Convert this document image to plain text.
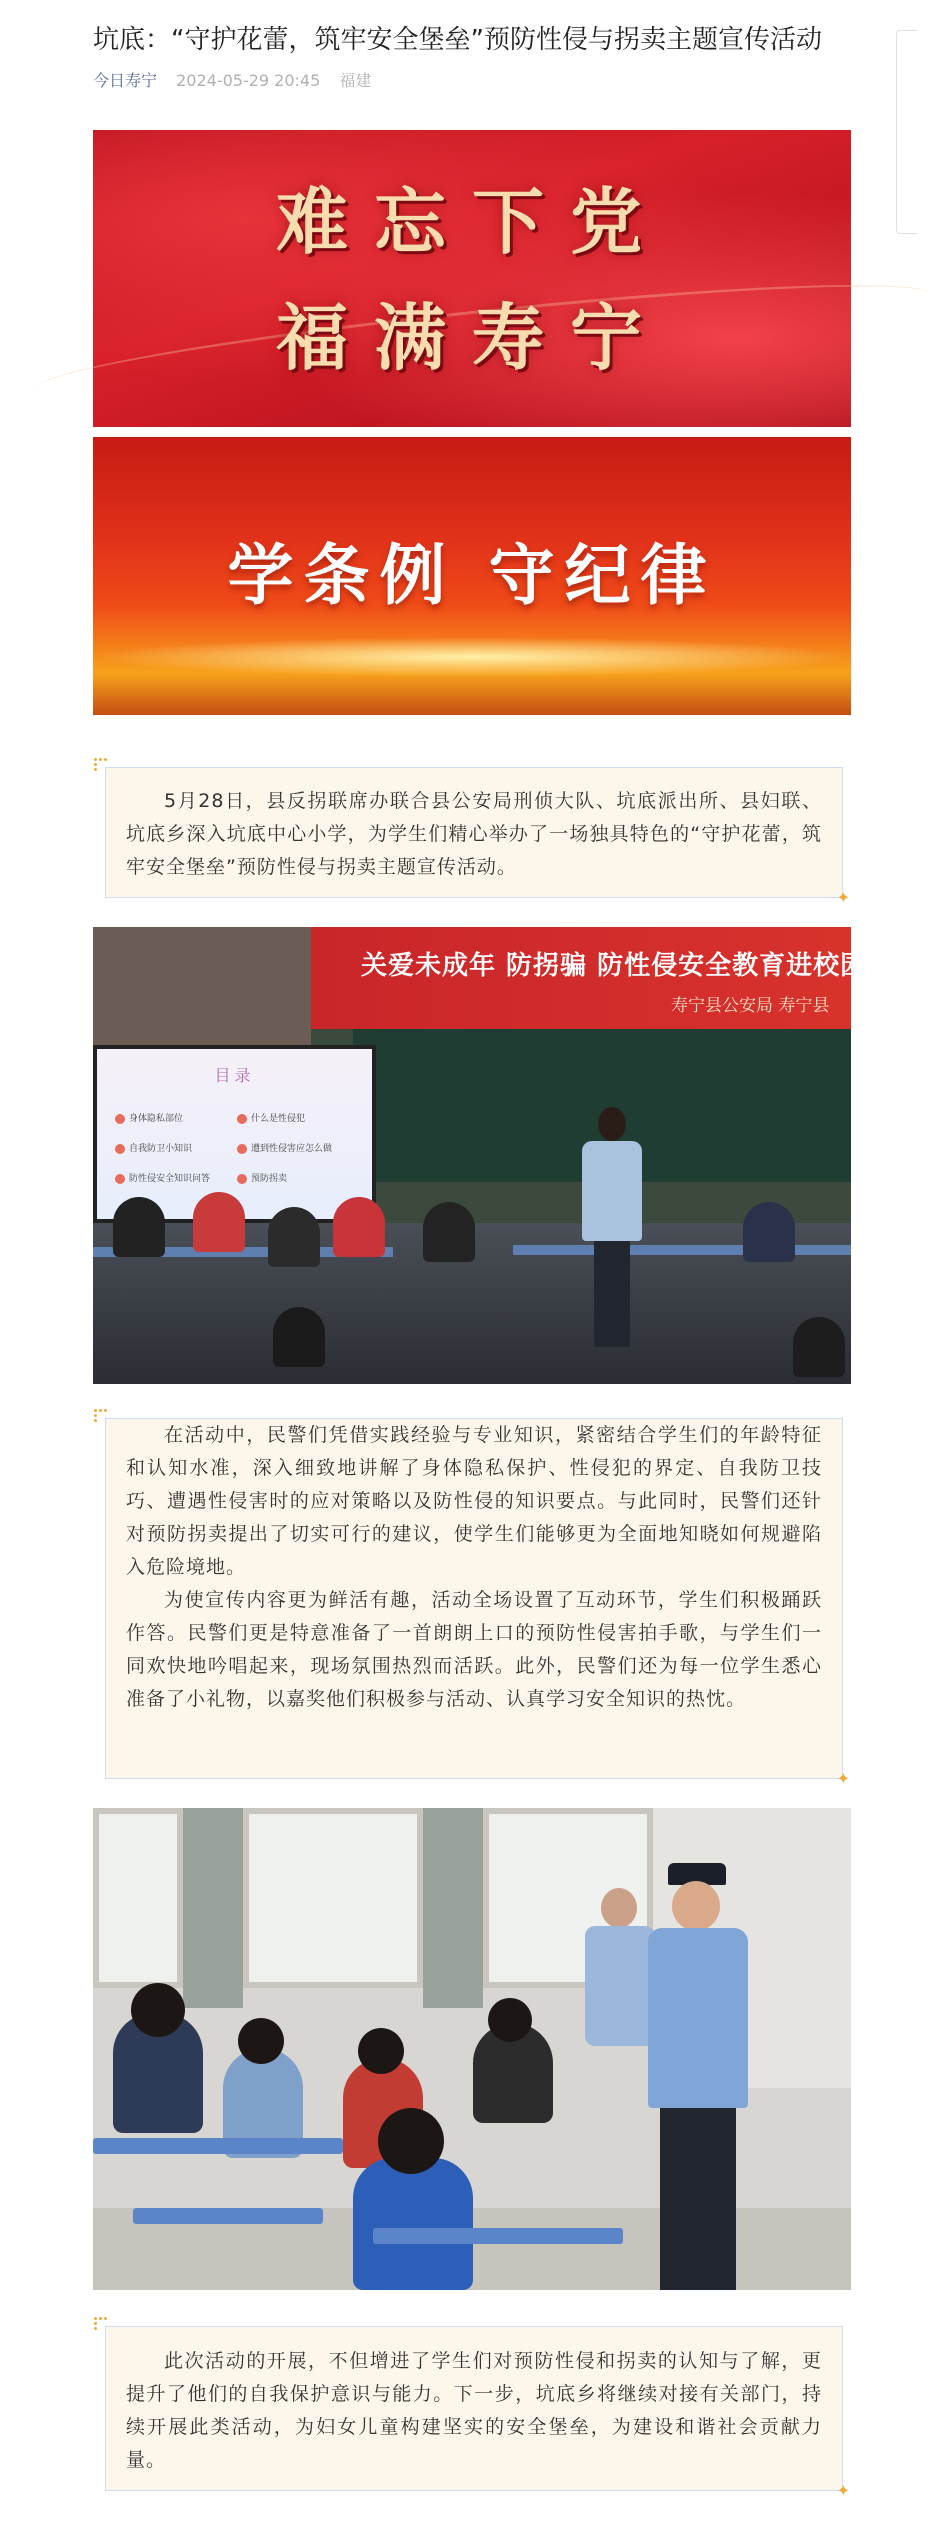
坑底：“守护花蕾，筑牢安全堡垒”预防性侵与拐卖主题宣传活动
今日寿宁 2024-05-29 20:45 福建
难忘下党
福满寿宁
学条例 守纪律

5月28日，县反拐联席办联合县公安局刑侦大队、坑底派出所、县妇联、坑底乡深入坑底中心小学，为学生们精心举办了一场独具特色的“守护花蕾，筑牢安全堡垒”预防性侵与拐卖主题宣传活动。

✦
关爱未成年 防拐骗 防性侵安全教育进校园主题
寿宁县公安局 寿宁县
目录
身体隐私部位	什么是性侵犯
自我防卫小知识	遭到性侵害应怎么做
防性侵安全知识问答	预防拐卖

在活动中，民警们凭借实践经验与专业知识，紧密结合学生们的年龄特征和认知水准，深入细致地讲解了身体隐私保护、性侵犯的界定、自我防卫技巧、遭遇性侵害时的应对策略以及防性侵的知识要点。与此同时，民警们还针对预防拐卖提出了切实可行的建议，使学生们能够更为全面地知晓如何规避陷入危险境地。

为使宣传内容更为鲜活有趣，活动全场设置了互动环节，学生们积极踊跃作答。民警们更是特意准备了一首朗朗上口的预防性侵害拍手歌，与学生们一同欢快地吟唱起来，现场氛围热烈而活跃。此外，民警们还为每一位学生悉心准备了小礼物，以嘉奖他们积极参与活动、认真学习安全知识的热忱。

✦

此次活动的开展，不但增进了学生们对预防性侵和拐卖的认知与了解，更提升了他们的自我保护意识与能力。下一步，坑底乡将继续对接有关部门，持续开展此类活动，为妇女儿童构建坚实的安全堡垒，为建设和谐社会贡献力量。

✦
